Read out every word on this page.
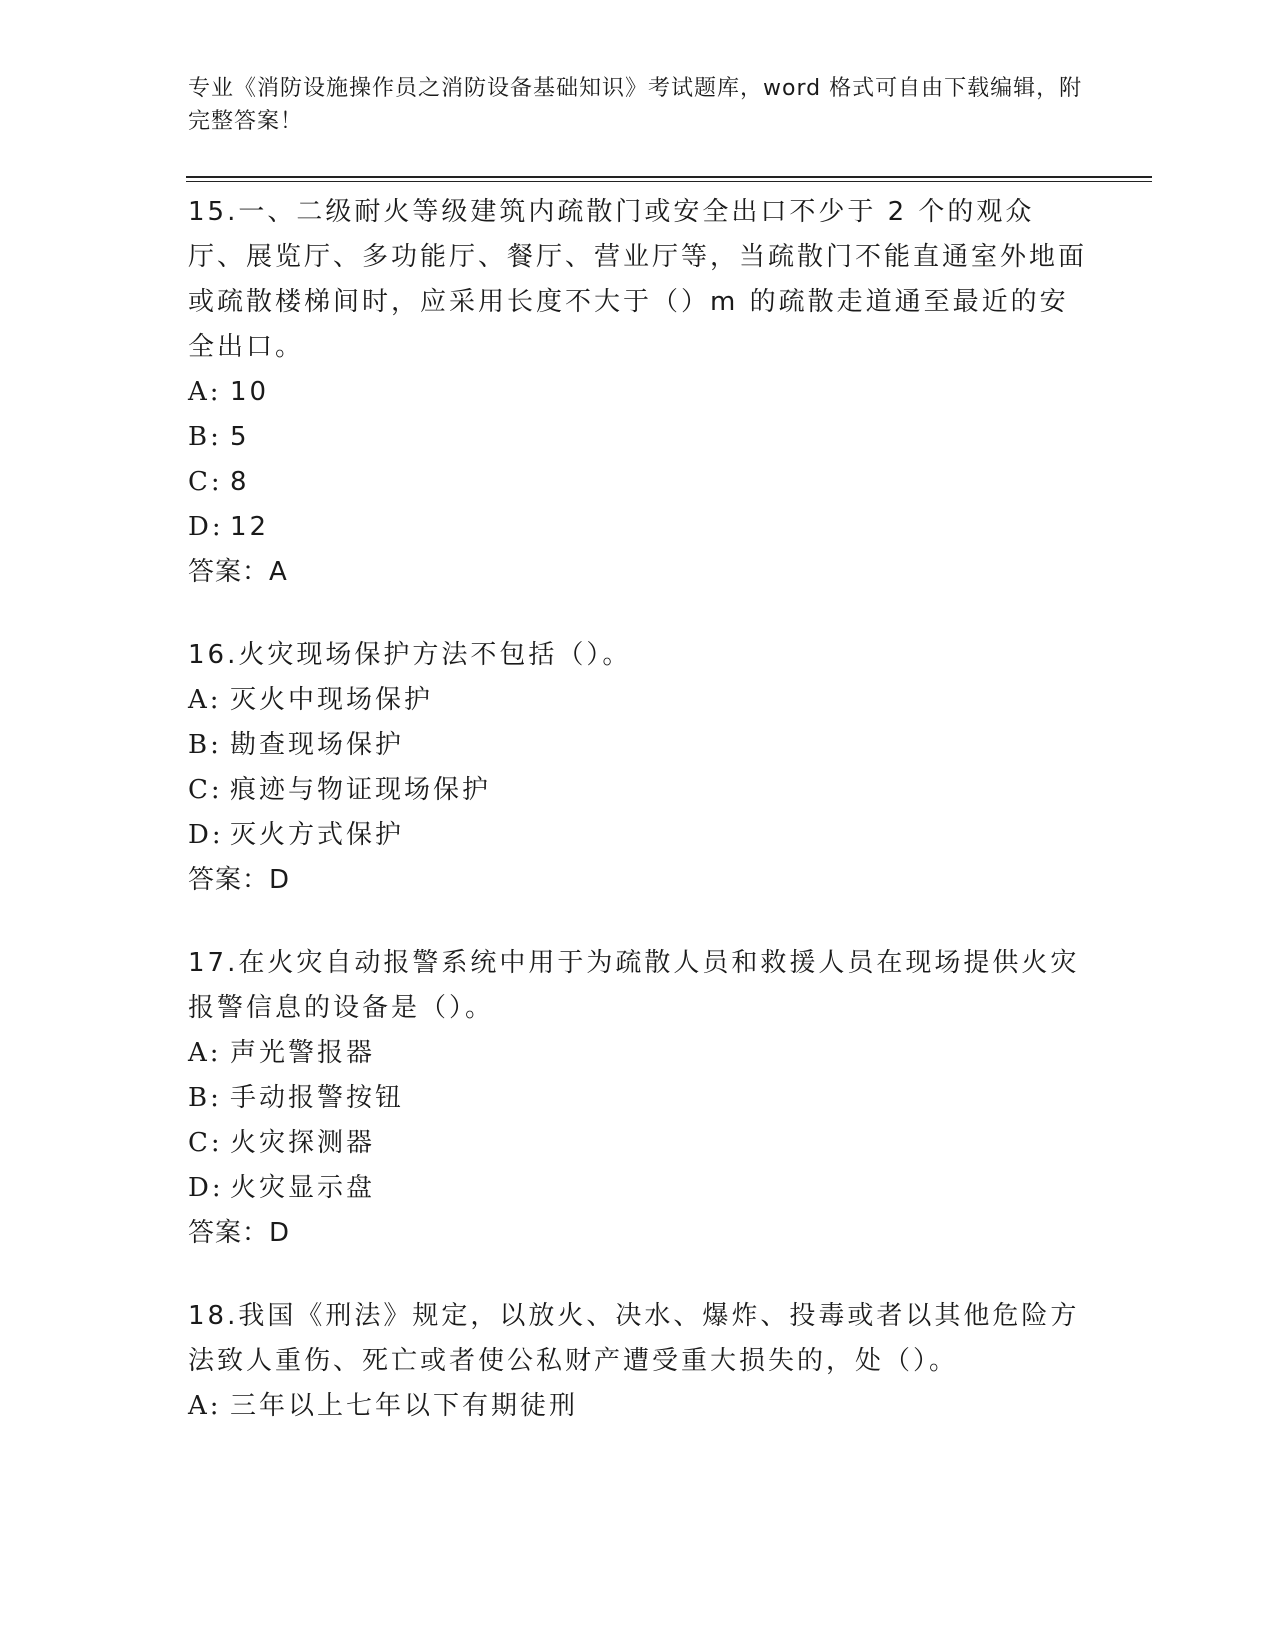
专业《消防设施操作员之消防设备基础知识》考试题库，word 格式可自由下载编辑，附完整答案！
15.一、二级耐火等级建筑内疏散门或安全出口不少于 2 个的观众厅、展览厅、多功能厅、餐厅、营业厅等，当疏散门不能直通室外地面或疏散楼梯间时，应采用长度不大于（）m 的疏散走道通至最近的安全出口。
A: 10
B: 5
C: 8
D: 12
答案：A
16.火灾现场保护方法不包括（）。
A: 灭火中现场保护
B: 勘查现场保护
C: 痕迹与物证现场保护
D: 灭火方式保护
答案：D
17.在火灾自动报警系统中用于为疏散人员和救援人员在现场提供火灾报警信息的设备是（）。
A: 声光警报器
B: 手动报警按钮
C: 火灾探测器
D: 火灾显示盘
答案：D
18.我国《刑法》规定，以放火、决水、爆炸、投毒或者以其他危险方法致人重伤、死亡或者使公私财产遭受重大损失的，处（）。
A: 三年以上七年以下有期徒刑
